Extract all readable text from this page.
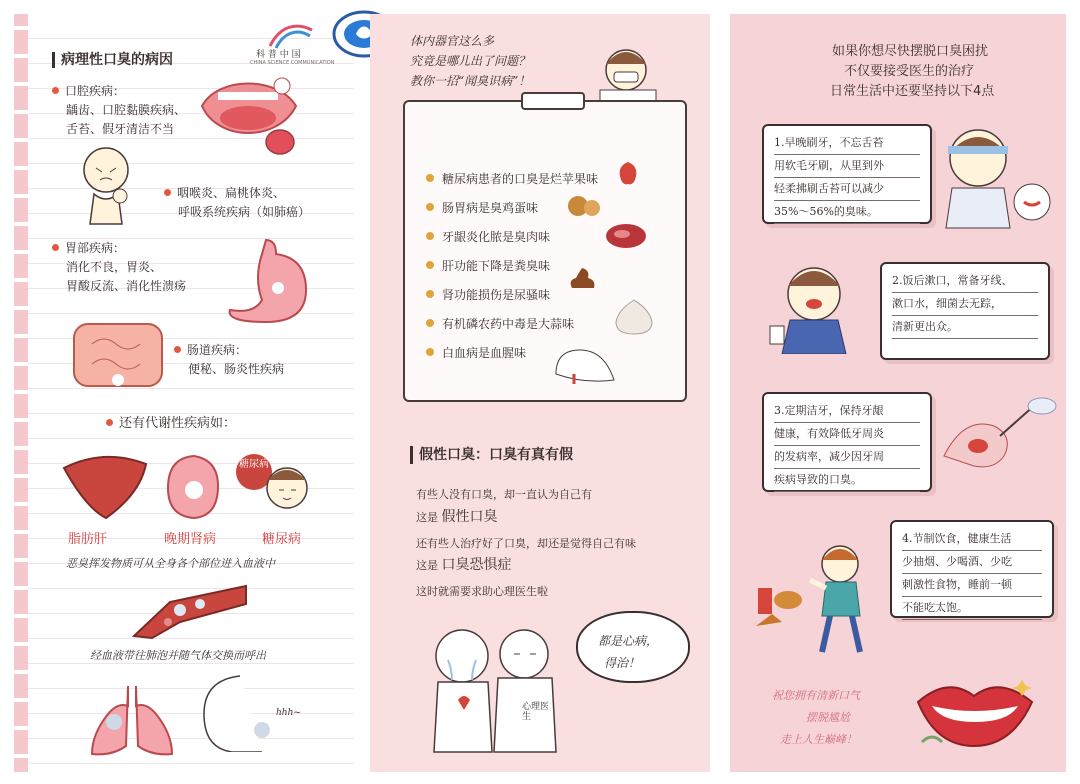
病理性口臭的病因	科 普 中 国
CHINA SCIENCE COMMUNICATION
口腔疾病：
龋齿、口腔黏膜疾病、
舌苔、假牙清洁不当
咽喉炎、扁桃体炎、
呼吸系统疾病（如肺癌）
胃部疾病：
消化不良，胃炎、
胃酸反流、消化性溃疡
肠道疾病：
便秘、肠炎性疾病
还有代谢性疾病如：
糖尿病
脂肪肝	晚期肾病	糖尿病
恶臭挥发物质可从全身各个部位进入血液中
经血液带往肺泡并随气体交换而呼出
hhh~
体内器官这么多
究竟是哪儿出了问题？
教你一招“闻臭识病”！
糖尿病患者的口臭是烂苹果味
肠胃病是臭鸡蛋味
牙龈炎化脓是臭肉味
肝功能下降是粪臭味
肾功能损伤是尿骚味
有机磷农药中毒是大蒜味
白血病是血腥味
假性口臭：口臭有真有假
有些人没有口臭，却一直认为自己有
这是 假性口臭
还有些人治疗好了口臭，却还是觉得自己有味
这是 口臭恐惧症
这时就需要求助心理医生啦
心理医生
都是心病，
得治！
如果你想尽快摆脱口臭困扰
不仅要接受医生的治疗
日常生活中还要坚持以下4点
1.早晚刷牙，不忘舌苔
用软毛牙刷，从里到外
轻柔拂刷舌苔可以减少
35%～56%的臭味。
2.饭后漱口，常备牙线、
漱口水，细菌去无踪，
清新更出众。
3.定期洁牙，保持牙龈
健康，有效降低牙周炎
的发病率，减少因牙周
疾病导致的口臭。
4.节制饮食，健康生活
少抽烟、少喝酒、少吃
刺激性食物，睡前一顿
不能吃太饱。
祝您拥有清新口气
摆脱尴尬
走上人生巅峰！
